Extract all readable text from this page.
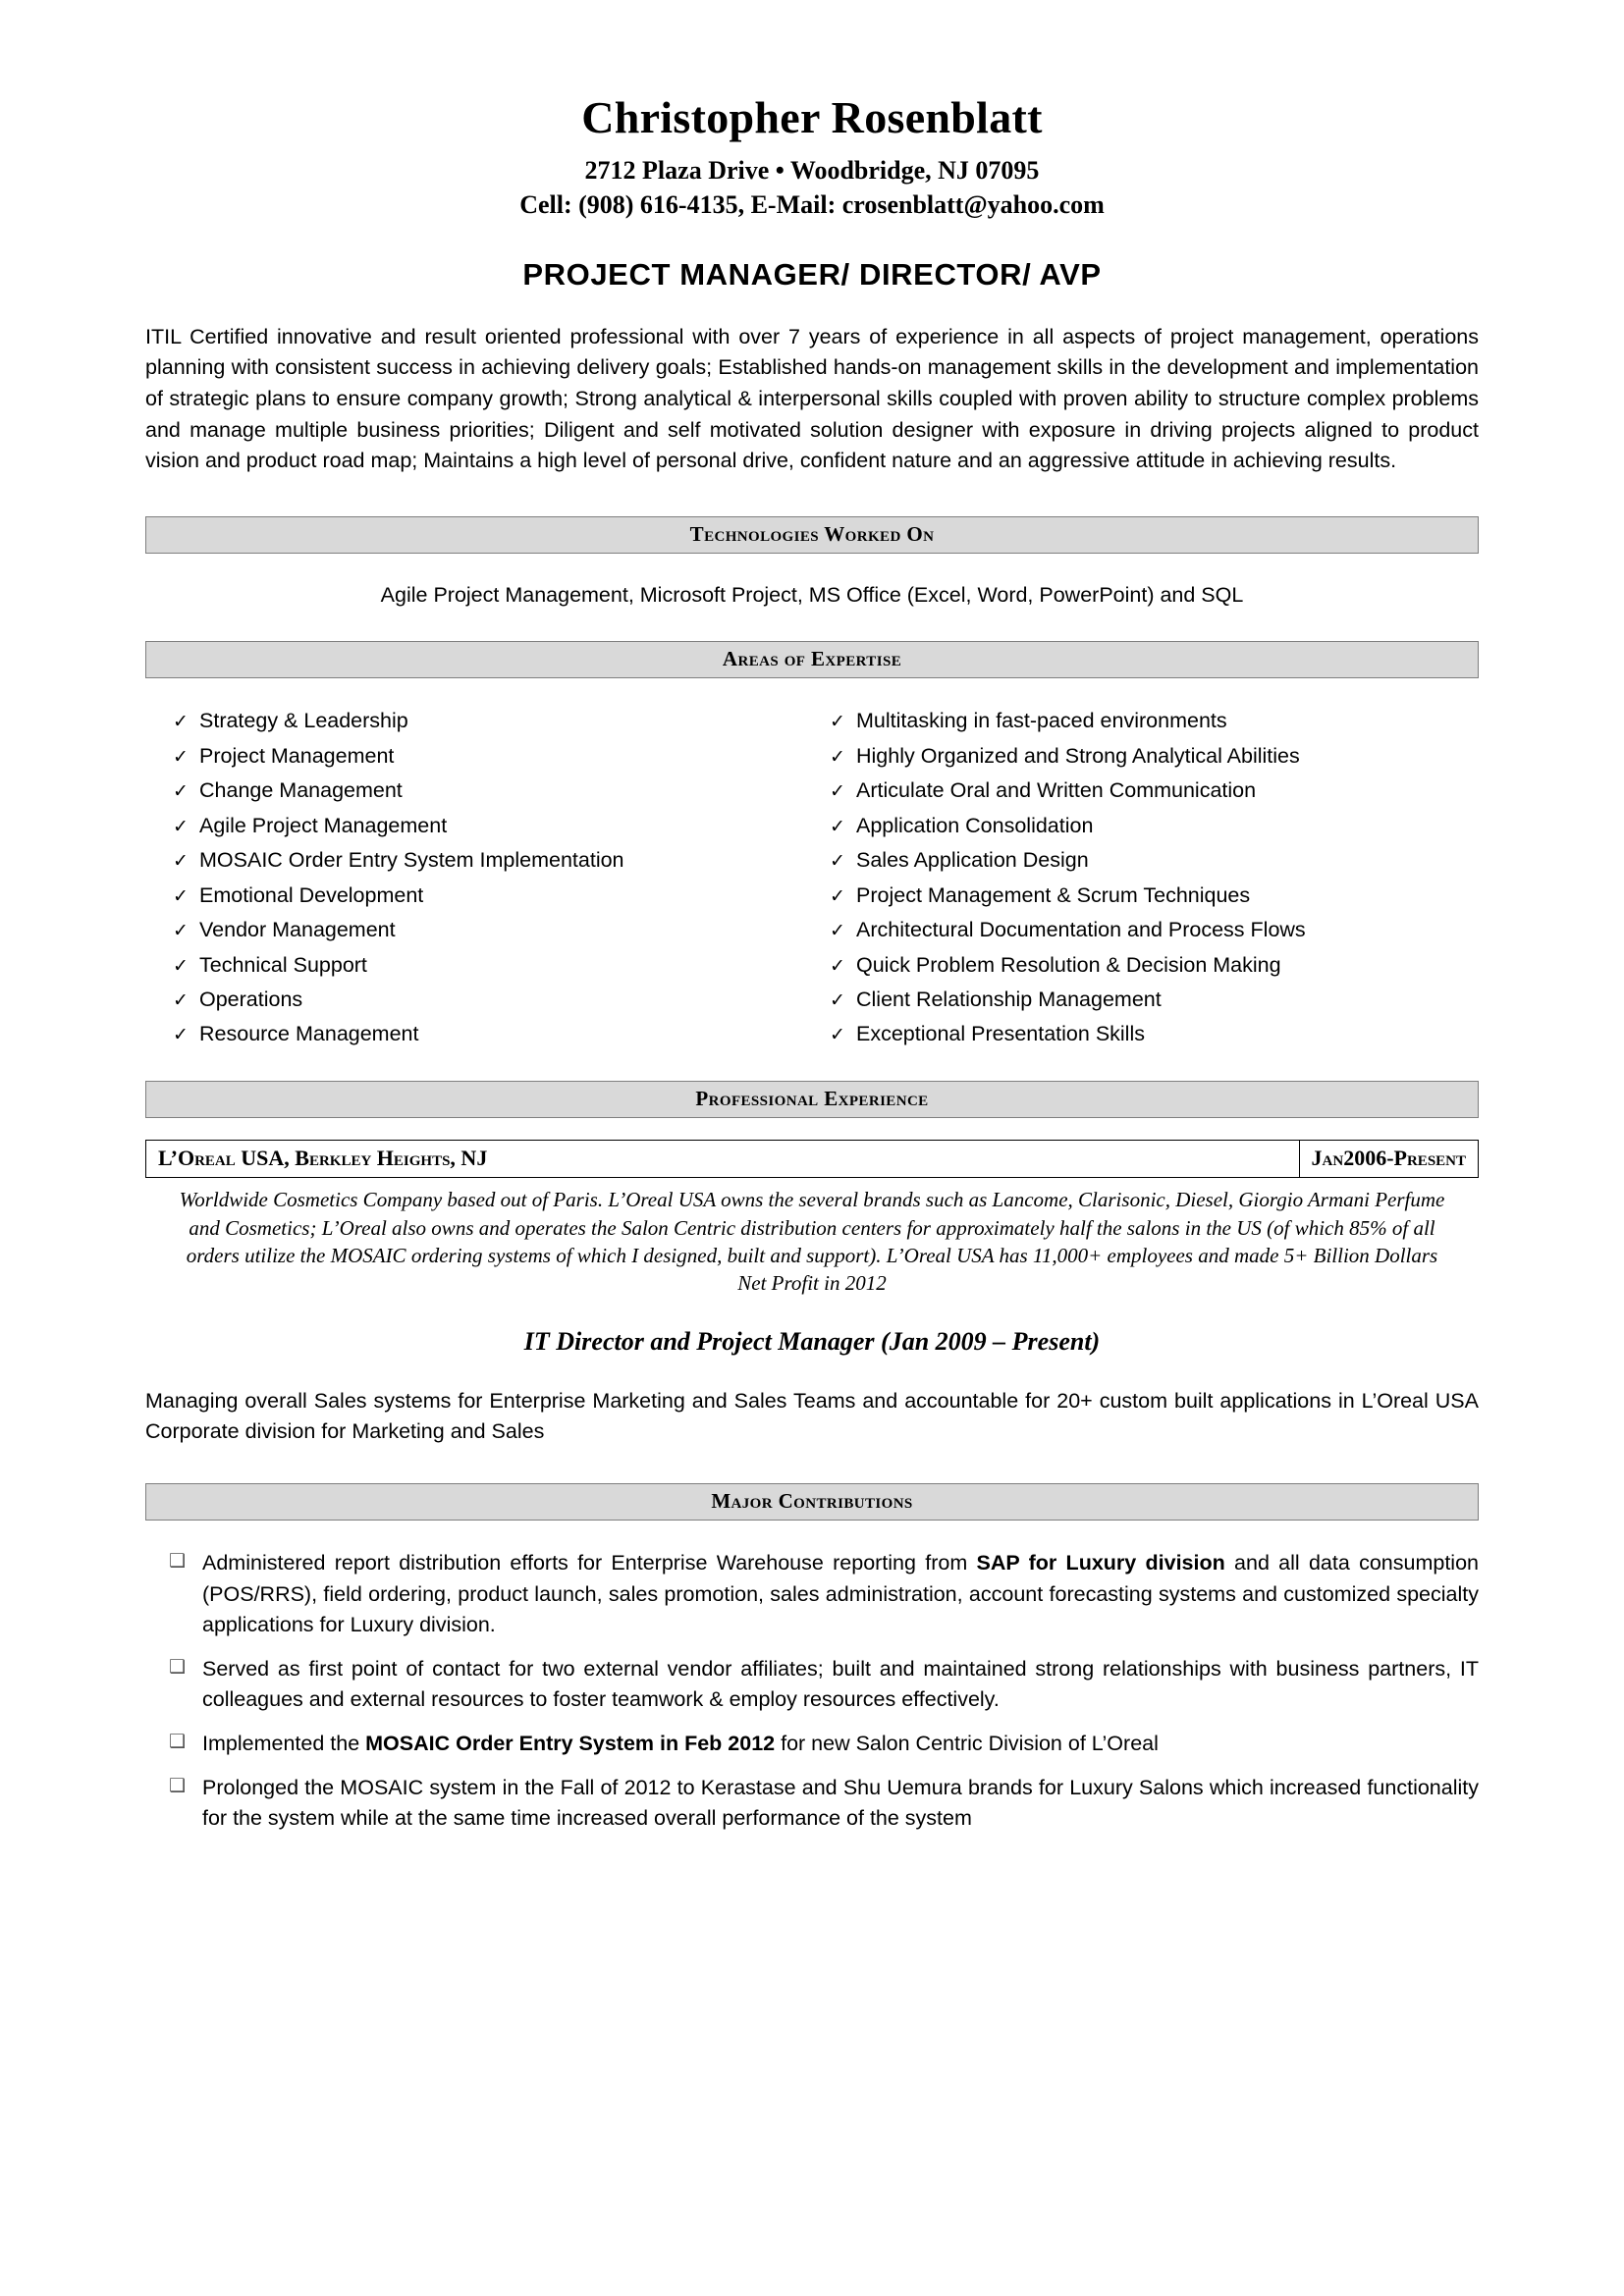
Christopher Rosenblatt

2712 Plaza Drive • Woodbridge, NJ 07095

Cell: (908) 616-4135, E-Mail: crosenblatt@yahoo.com

PROJECT MANAGER/ DIRECTOR/ AVP

ITIL Certified innovative and result oriented professional with over 7 years of experience in all aspects of project management, operations planning with consistent success in achieving delivery goals; Established hands-on management skills in the development and implementation of strategic plans to ensure company growth; Strong analytical & interpersonal skills coupled with proven ability to structure complex problems and manage multiple business priorities; Diligent and self motivated solution designer with exposure in driving projects aligned to product vision and product road map; Maintains a high level of personal drive, confident nature and an aggressive attitude in achieving results.

Technologies Worked On
Agile Project Management, Microsoft Project, MS Office (Excel, Word, PowerPoint) and SQL
Areas of Expertise
✓ Strategy & Leadership
✓ Project Management
✓ Change Management
✓ Agile Project Management
✓ MOSAIC Order Entry System Implementation
✓ Emotional Development
✓ Vendor Management
✓ Technical Support
✓ Operations
✓ Resource Management
✓ Multitasking in fast-paced environments
✓ Highly Organized and Strong Analytical Abilities
✓ Articulate Oral and Written Communication
✓ Application Consolidation
✓ Sales Application Design
✓ Project Management & Scrum Techniques
✓ Architectural Documentation and Process Flows
✓ Quick Problem Resolution & Decision Making
✓ Client Relationship Management
✓ Exceptional Presentation Skills
Professional Experience
L’Oreal USA, Berkley Heights, NJ	Jan2006-Present
Worldwide Cosmetics Company based out of Paris. L’Oreal USA owns the several brands such as Lancome, Clarisonic, Diesel, Giorgio Armani Perfume and Cosmetics; L’Oreal also owns and operates the Salon Centric distribution centers for approximately half the salons in the US (of which 85% of all orders utilize the MOSAIC ordering systems of which I designed, built and support). L’Oreal USA has 11,000+ employees and made 5+ Billion Dollars Net Profit in 2012
IT Director and Project Manager (Jan 2009 – Present)

Managing overall Sales systems for Enterprise Marketing and Sales Teams and accountable for 20+ custom built applications in L’Oreal USA Corporate division for Marketing and Sales

Major Contributions
❑ Administered report distribution efforts for Enterprise Warehouse reporting from SAP for Luxury division and all data consumption (POS/RRS), field ordering, product launch, sales promotion, sales administration, account forecasting systems and customized specialty applications for Luxury division.
❑ Served as first point of contact for two external vendor affiliates; built and maintained strong relationships with business partners, IT colleagues and external resources to foster teamwork & employ resources effectively.
❑ Implemented the MOSAIC Order Entry System in Feb 2012 for new Salon Centric Division of L’Oreal
❑ Prolonged the MOSAIC system in the Fall of 2012 to Kerastase and Shu Uemura brands for Luxury Salons which increased functionality for the system while at the same time increased overall performance of the system
